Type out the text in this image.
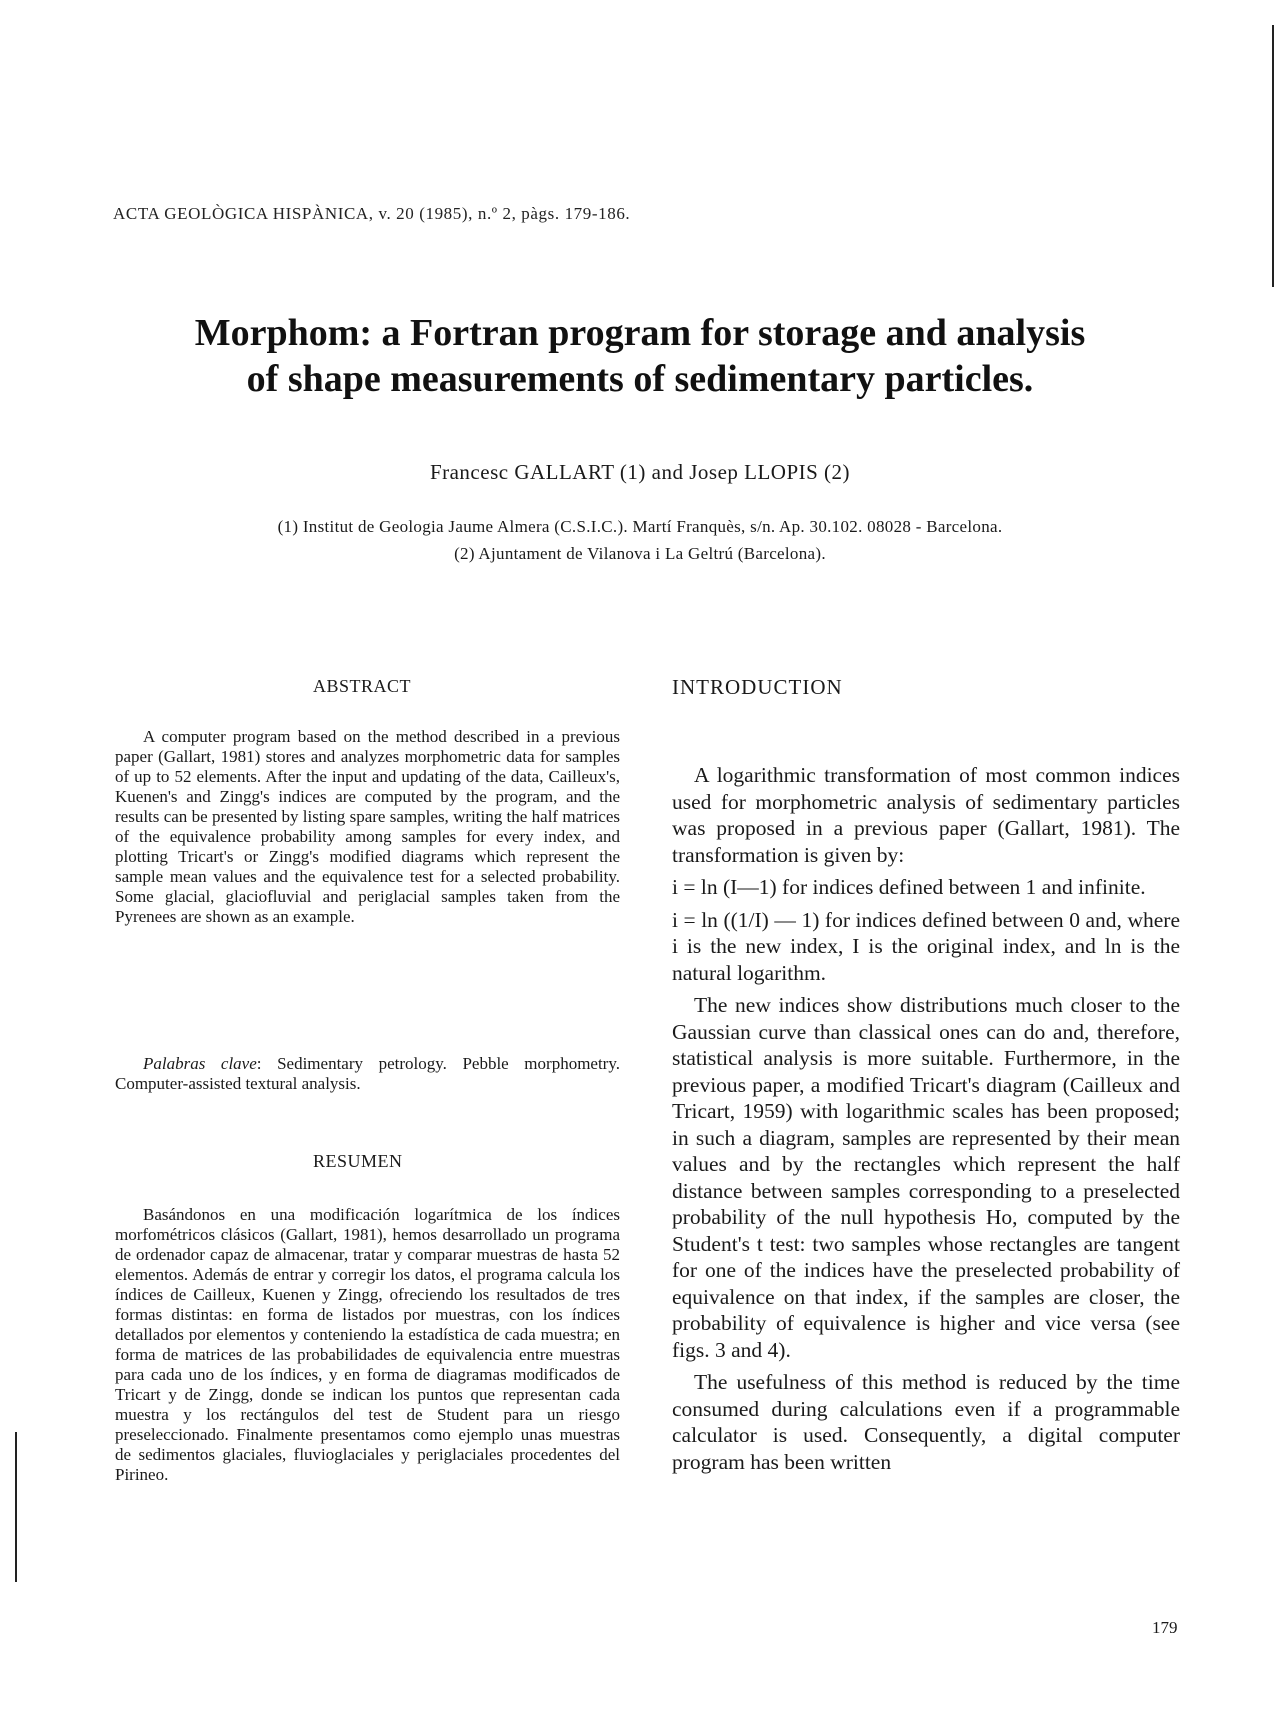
ACTA GEOLÒGICA HISPÀNICA, v. 20 (1985), n.º 2, pàgs. 179-186.
Morphom: a Fortran program for storage and analysis
of shape measurements of sedimentary particles.
Francesc GALLART (1) and Josep LLOPIS (2)
(1) Institut de Geologia Jaume Almera (C.S.I.C.). Martí Franquès, s/n. Ap. 30.102. 08028 - Barcelona.
(2) Ajuntament de Vilanova i La Geltrú (Barcelona).
ABSTRACT
A computer program based on the method described in a previous paper (Gallart, 1981) stores and analyzes morphometric data for samples of up to 52 elements. After the input and updating of the data, Cailleux's, Kuenen's and Zingg's indices are computed by the program, and the results can be presented by listing spare samples, writing the half matrices of the equivalence probability among samples for every index, and plotting Tricart's or Zingg's modified diagrams which represent the sample mean values and the equivalence test for a selected probability. Some glacial, glaciofluvial and periglacial samples taken from the Pyrenees are shown as an example.
Palabras clave: Sedimentary petrology. Pebble morphometry. Computer-assisted textural analysis.
RESUMEN
Basándonos en una modificación logarítmica de los índices morfométricos clásicos (Gallart, 1981), hemos desarrollado un programa de ordenador capaz de almacenar, tratar y comparar muestras de hasta 52 elementos. Además de entrar y corregir los datos, el programa calcula los índices de Cailleux, Kuenen y Zingg, ofreciendo los resultados de tres formas distintas: en forma de listados por muestras, con los índices detallados por elementos y conteniendo la estadística de cada muestra; en forma de matrices de las probabilidades de equivalencia entre muestras para cada uno de los índices, y en forma de diagramas modificados de Tricart y de Zingg, donde se indican los puntos que representan cada muestra y los rectángulos del test de Student para un riesgo preseleccionado. Finalmente presentamos como ejemplo unas muestras de sedimentos glaciales, fluvioglaciales y periglaciales procedentes del Pirineo.
INTRODUCTION

A logarithmic transformation of most common indices used for morphometric analysis of sedimentary particles was proposed in a previous paper (Gallart, 1981). The transformation is given by:

i = ln (I—1) for indices defined between 1 and infinite.

i = ln ((1/I) — 1) for indices defined between 0 and, where i is the new index, I is the original index, and ln is the natural logarithm.

The new indices show distributions much closer to the Gaussian curve than classical ones can do and, therefore, statistical analysis is more suitable. Furthermore, in the previous paper, a modified Tricart's diagram (Cailleux and Tricart, 1959) with logarithmic scales has been proposed; in such a diagram, samples are represented by their mean values and by the rectangles which represent the half distance between samples corresponding to a preselected probability of the null hypothesis Ho, computed by the Student's t test: two samples whose rectangles are tangent for one of the indices have the preselected probability of equivalence on that index, if the samples are closer, the probability of equivalence is higher and vice versa (see figs. 3 and 4).

The usefulness of this method is reduced by the time consumed during calculations even if a programmable calculator is used. Consequently, a digital computer program has been written

179
